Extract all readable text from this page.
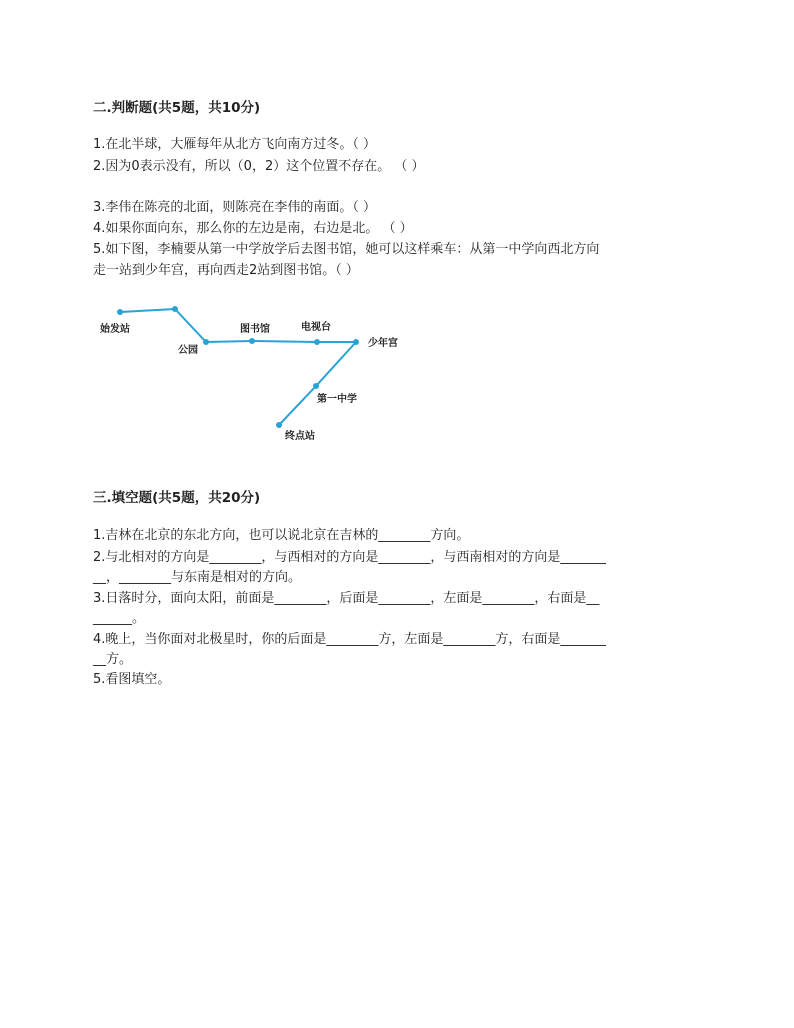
二.判断题(共5题，共10分)
1.在北半球，大雁每年从北方飞向南方过冬。（ ）
2.因为0表示没有，所以（0，2）这个位置不存在。 （ ）
3.李伟在陈亮的北面，则陈亮在李伟的南面。（ ）
4.如果你面向东，那么你的左边是南，右边是北。 （ ）
5.如下图，李楠要从第一中学放学后去图书馆，她可以这样乘车：从第一中学向西北方向
走一站到少年宫，再向西走2站到图书馆。（ ）
始发站
公园
图书馆	电视台
少年宫
第一中学
终点站
三.填空题(共5题，共20分)
1.吉林在北京的东北方向，也可以说北京在吉林的________方向。
2.与北相对的方向是________，与西相对的方向是________，与西南相对的方向是_______
__，________与东南是相对的方向。
3.日落时分，面向太阳，前面是________，后面是________，左面是________，右面是__
______。
4.晚上，当你面对北极星时，你的后面是________方，左面是________方，右面是_______
__方。
5.看图填空。
